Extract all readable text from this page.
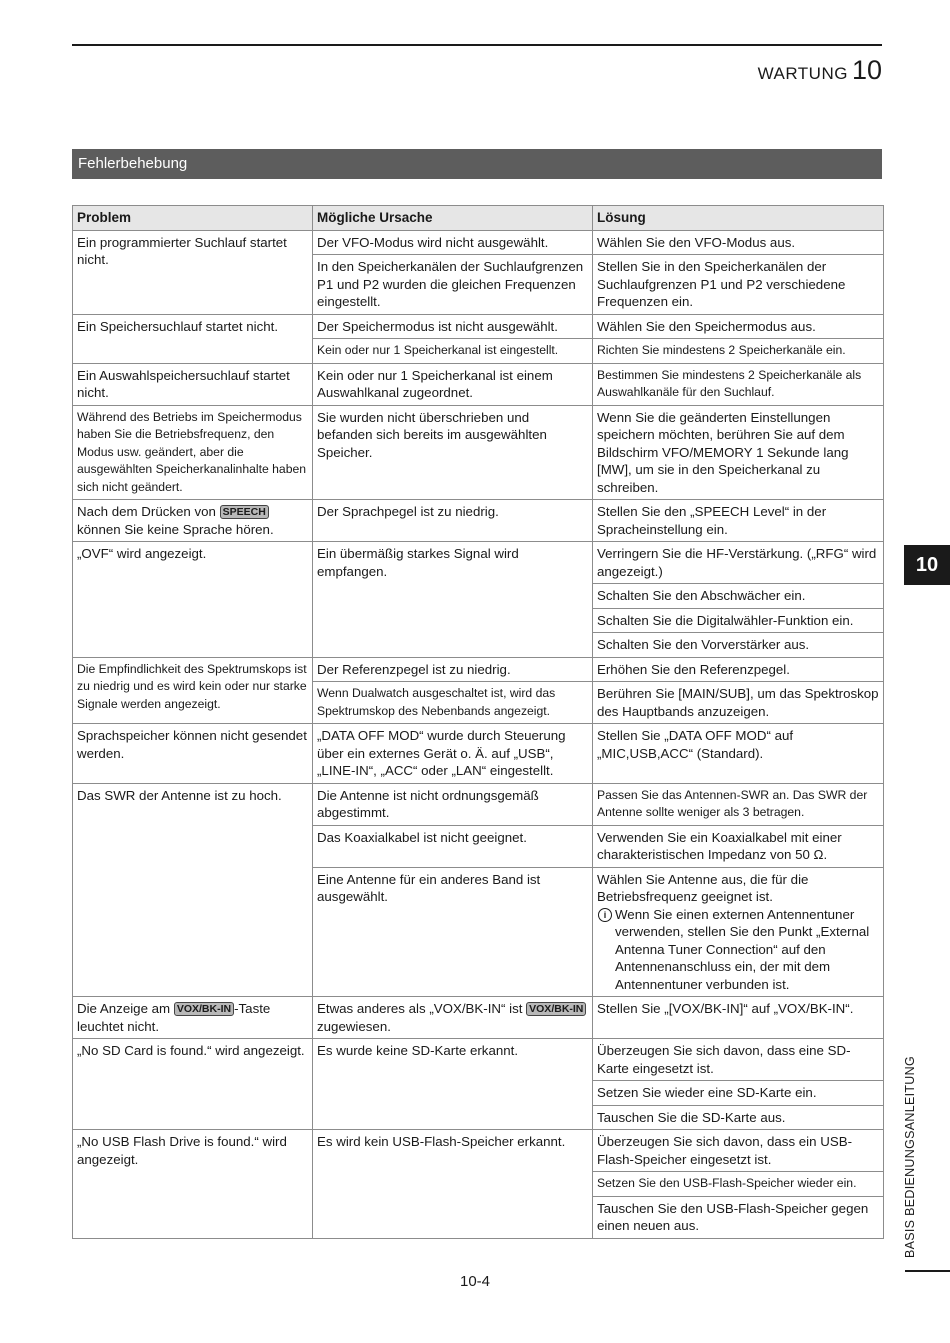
WARTUNG 10
Fehlerbehebung
Problem	Mögliche Ursache	Lösung
Ein programmierter Suchlauf startet nicht.	Der VFO-Modus wird nicht ausgewählt.	Wählen Sie den VFO-Modus aus.
	In den Speicherkanälen der Suchlaufgrenzen P1 und P2 wurden die gleichen Frequenzen eingestellt.	Stellen Sie in den Speicherkanälen der Suchlaufgrenzen P1 und P2 verschiedene Frequenzen ein.
Ein Speichersuchlauf startet nicht.	Der Speichermodus ist nicht ausgewählt.	Wählen Sie den Speichermodus aus.
	Kein oder nur 1 Speicherkanal ist eingestellt.	Richten Sie mindestens 2 Speicherkanäle ein.
Ein Auswahlspeichersuchlauf startet nicht.	Kein oder nur 1 Speicherkanal ist einem Auswahlkanal zugeordnet.	Bestimmen Sie mindestens 2 Speicherkanäle als Auswahlkanäle für den Suchlauf.
Während des Betriebs im Speichermodus haben Sie die Betriebsfrequenz, den Modus usw. geändert, aber die ausgewählten Speicherkanalinhalte haben sich nicht geändert.	Sie wurden nicht überschrieben und befanden sich bereits im ausgewählten Speicher.	Wenn Sie die geänderten Einstellungen speichern möchten, berühren Sie auf dem Bildschirm VFO/MEMORY 1 Sekunde lang [MW], um sie in den Speicherkanal zu schreiben.
Nach dem Drücken von SPEECH können Sie keine Sprache hören.	Der Sprachpegel ist zu niedrig.	Stellen Sie den „SPEECH Level“ in der Spracheinstellung ein.
„OVF“ wird angezeigt.	Ein übermäßig starkes Signal wird empfangen.	Verringern Sie die HF-Verstärkung. („RFG“ wird angezeigt.)
		Schalten Sie den Abschwächer ein.
		Schalten Sie die Digitalwähler-Funktion ein.
		Schalten Sie den Vorverstärker aus.
Die Empfindlichkeit des Spektrumskops ist zu niedrig und es wird kein oder nur starke Signale werden angezeigt.	Der Referenzpegel ist zu niedrig.	Erhöhen Sie den Referenzpegel.
	Wenn Dualwatch ausgeschaltet ist, wird das Spektrumskop des Nebenbands angezeigt.	Berühren Sie [MAIN/SUB], um das Spektroskop des Hauptbands anzuzeigen.
Sprachspeicher können nicht gesendet werden.	„DATA OFF MOD“ wurde durch Steuerung über ein externes Gerät o. Ä. auf „USB“, „LINE-IN“, „ACC“ oder „LAN“ eingestellt.	Stellen Sie „DATA OFF MOD“ auf „MIC,USB,ACC“ (Standard).
Das SWR der Antenne ist zu hoch.	Die Antenne ist nicht ordnungsgemäß abgestimmt.	Passen Sie das Antennen-SWR an. Das SWR der Antenne sollte weniger als 3 betragen.
	Das Koaxialkabel ist nicht geeignet.	Verwenden Sie ein Koaxialkabel mit einer charakteristischen Impedanz von 50 Ω.
	Eine Antenne für ein anderes Band ist ausgewählt.	Wählen Sie Antenne aus, die für die Betriebsfrequenz geeignet ist.
i Wenn Sie einen externen Antennentuner verwenden, stellen Sie den Punkt „External Antenna Tuner Connection“ auf den Antennenanschluss ein, der mit dem Antennentuner verbunden ist.

Die Anzeige am VOX/BK-IN -Taste leuchtet nicht.	Etwas anderes als „VOX/BK-IN“ ist VOX/BK-IN zugewiesen.	Stellen Sie „[VOX/BK-IN]“ auf „VOX/BK-IN“.
„No SD Card is found.“ wird angezeigt.	Es wurde keine SD-Karte erkannt.	Überzeugen Sie sich davon, dass eine SD-Karte eingesetzt ist.
		Setzen Sie wieder eine SD-Karte ein.
		Tauschen Sie die SD-Karte aus.
„No USB Flash Drive is found.“ wird angezeigt.	Es wird kein USB-Flash-Speicher erkannt.	Überzeugen Sie sich davon, dass ein USB-Flash-Speicher eingesetzt ist.
		Setzen Sie den USB-Flash-Speicher wieder ein.
		Tauschen Sie den USB-Flash-Speicher gegen einen neuen aus.
10
BASIS BEDIENUNGSANLEITUNG
10-4
